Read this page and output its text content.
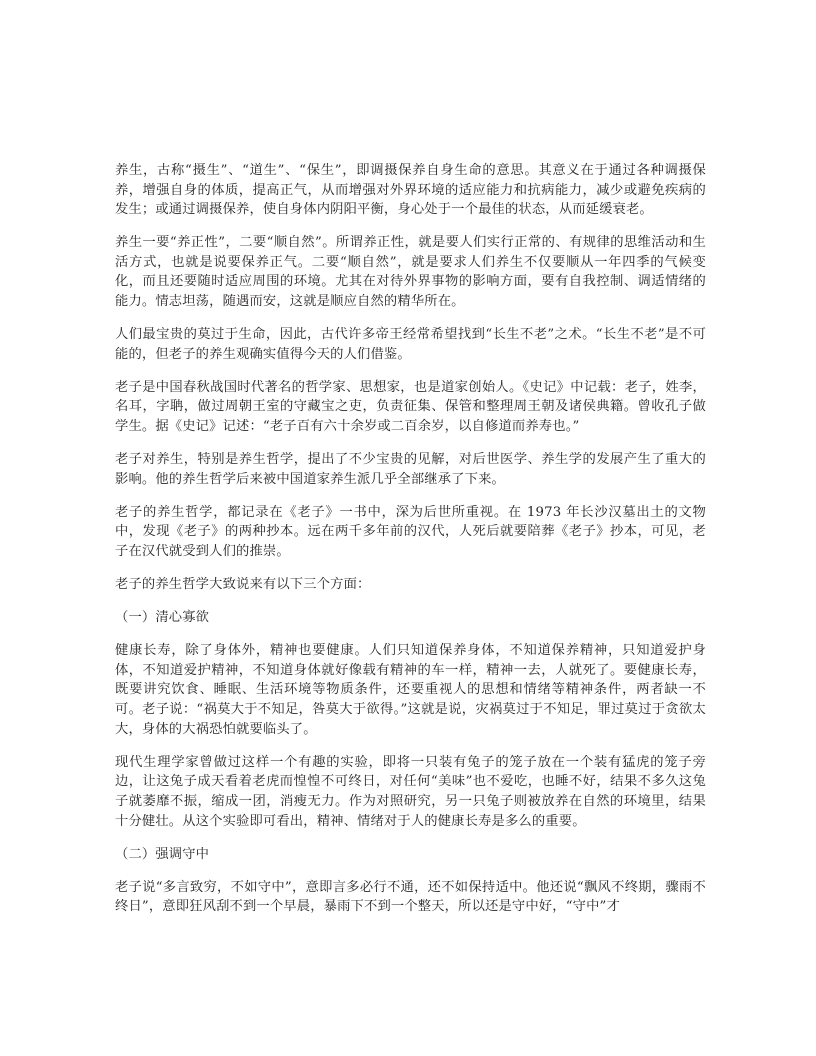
养生，古称“摄生”、“道生”、“保生”，即调摄保养自身生命的意思。其意义在于通过各种调摄保养，增强自身的体质，提高正气，从而增强对外界环境的适应能力和抗病能力，减少或避免疾病的发生；或通过调摄保养，使自身体内阴阳平衡，身心处于一个最佳的状态，从而延缓衰老。

养生一要“养正性”，二要“顺自然”。所谓养正性，就是要人们实行正常的、有规律的思维活动和生活方式，也就是说要保养正气。二要“顺自然”，就是要求人们养生不仅要顺从一年四季的气候变化，而且还要随时适应周围的环境。尤其在对待外界事物的影响方面，要有自我控制、调适情绪的能力。情志坦荡，随遇而安，这就是顺应自然的精华所在。

人们最宝贵的莫过于生命，因此，古代许多帝王经常希望找到“长生不老”之术。“长生不老”是不可能的，但老子的养生观确实值得今天的人们借鉴。

老子是中国春秋战国时代著名的哲学家、思想家，也是道家创始人。《史记》中记载：老子，姓李，名耳，字聃，做过周朝王室的守藏宝之吏，负责征集、保管和整理周王朝及诸侯典籍。曾收孔子做学生。据《史记》记述：“老子百有六十余岁或二百余岁，以自修道而养寿也。”

老子对养生，特别是养生哲学，提出了不少宝贵的见解，对后世医学、养生学的发展产生了重大的影响。他的养生哲学后来被中国道家养生派几乎全部继承了下来。

老子的养生哲学，都记录在《老子》一书中，深为后世所重视。在 1973 年长沙汉墓出土的文物中，发现《老子》的两种抄本。远在两千多年前的汉代，人死后就要陪葬《老子》抄本，可见，老子在汉代就受到人们的推崇。

老子的养生哲学大致说来有以下三个方面：

（一）清心寡欲

健康长寿，除了身体外，精神也要健康。人们只知道保养身体，不知道保养精神，只知道爱护身体，不知道爱护精神，不知道身体就好像载有精神的车一样，精神一去，人就死了。要健康长寿，既要讲究饮食、睡眠、生活环境等物质条件，还要重视人的思想和情绪等精神条件，两者缺一不可。老子说：“祸莫大于不知足，咎莫大于欲得。”这就是说，灾祸莫过于不知足，罪过莫过于贪欲太大，身体的大祸恐怕就要临头了。

现代生理学家曾做过这样一个有趣的实验，即将一只装有兔子的笼子放在一个装有猛虎的笼子旁边，让这兔子成天看着老虎而惶惶不可终日，对任何“美味”也不爱吃，也睡不好，结果不多久这兔子就萎靡不振，缩成一团，消瘦无力。作为对照研究，另一只兔子则被放养在自然的环境里，结果十分健壮。从这个实验即可看出，精神、情绪对于人的健康长寿是多么的重要。

（二）强调守中

老子说“多言致穷，不如守中”，意即言多必行不通，还不如保持适中。他还说“飘风不终期，骤雨不终日”，意即狂风刮不到一个早晨，暴雨下不到一个整天，所以还是守中好，“守中”才
